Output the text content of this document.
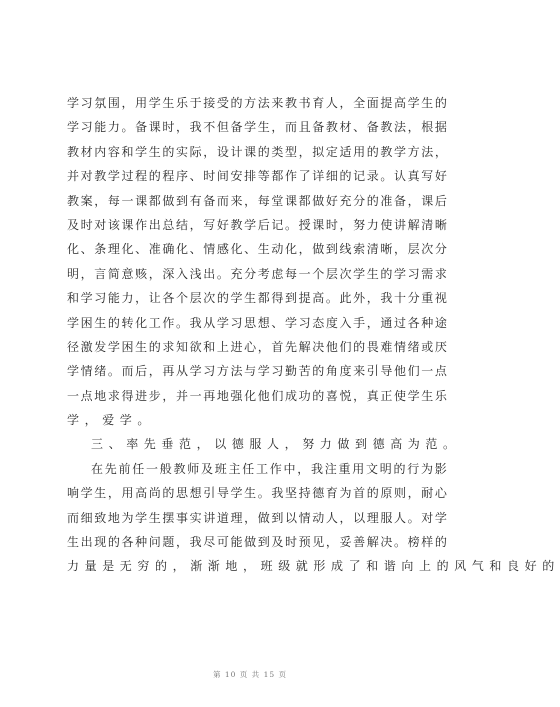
学 习 氛 围 ， 用 学 生 乐 于 接 受 的 方 法 来 教 书 育 人 ， 全 面 提 高 学 生 的
学 习 能 力 。 备 课 时 ， 我 不 但 备 学 生 ， 而 且 备 教 材 、 备 教 法 ， 根 据
教 材 内 容 和 学 生 的 实 际 ， 设 计 课 的 类 型 ， 拟 定 适 用 的 教 学 方 法 ，
并 对 教 学 过 程 的 程 序 、 时 间 安 排 等 都 作 了 详 细 的 记 录 。 认 真 写 好
教 案 ， 每 一 课 都 做 到 有 备 而 来 ， 每 堂 课 都 做 好 充 分 的 准 备 ， 课 后
及 时 对 该 课 作 出 总 结 ， 写 好 教 学 后 记 。 授 课 时 ， 努 力 使 讲 解 清 晰
化 、 条 理 化 、 准 确 化 、 情 感 化 、 生 动 化 ， 做 到 线 索 清 晰 ， 层 次 分
明 ， 言 简 意 赅 ， 深 入 浅 出 。 充 分 考 虑 每 一 个 层 次 学 生 的 学 习 需 求
和 学 习 能 力 ， 让 各 个 层 次 的 学 生 都 得 到 提 高 。 此 外 ， 我 十 分 重 视
学 困 生 的 转 化 工 作 。 我 从 学 习 思 想 、 学 习 态 度 入 手 ， 通 过 各 种 途
径 激 发 学 困 生 的 求 知 欲 和 上 进 心 ， 首 先 解 决 他 们 的 畏 难 情 绪 或 厌
学 情 绪 。 而 后 ， 再 从 学 习 方 法 与 学 习 勤 苦 的 角 度 来 引 导 他 们 一 点
一 点 地 求 得 进 步 ， 并 一 再 地 强 化 他 们 成 功 的 喜 悦 ， 真 正 使 学 生 乐
学，爱学。
三、率先垂范，以德服人，努力做到德高为范。
在 先 前 任 一 般 教 师 及 班 主 任 工 作 中 ， 我 注 重 用 文 明 的 行 为 影
响 学 生 ， 用 高 尚 的 思 想 引 导 学 生 。 我 坚 持 德 育 为 首 的 原 则 ， 耐 心
而 细 致 地 为 学 生 摆 事 实 讲 道 理 ， 做 到 以 情 动 人 ， 以 理 服 人 。 对 学
生 出 现 的 各 种 问 题 ， 我 尽 可 能 做 到 及 时 预 见 ， 妥 善 解 决 。 榜 样 的
力量是无穷的，渐渐地，班级就形成了和谐向上的风气和良好的
第 10 页 共 15 页
